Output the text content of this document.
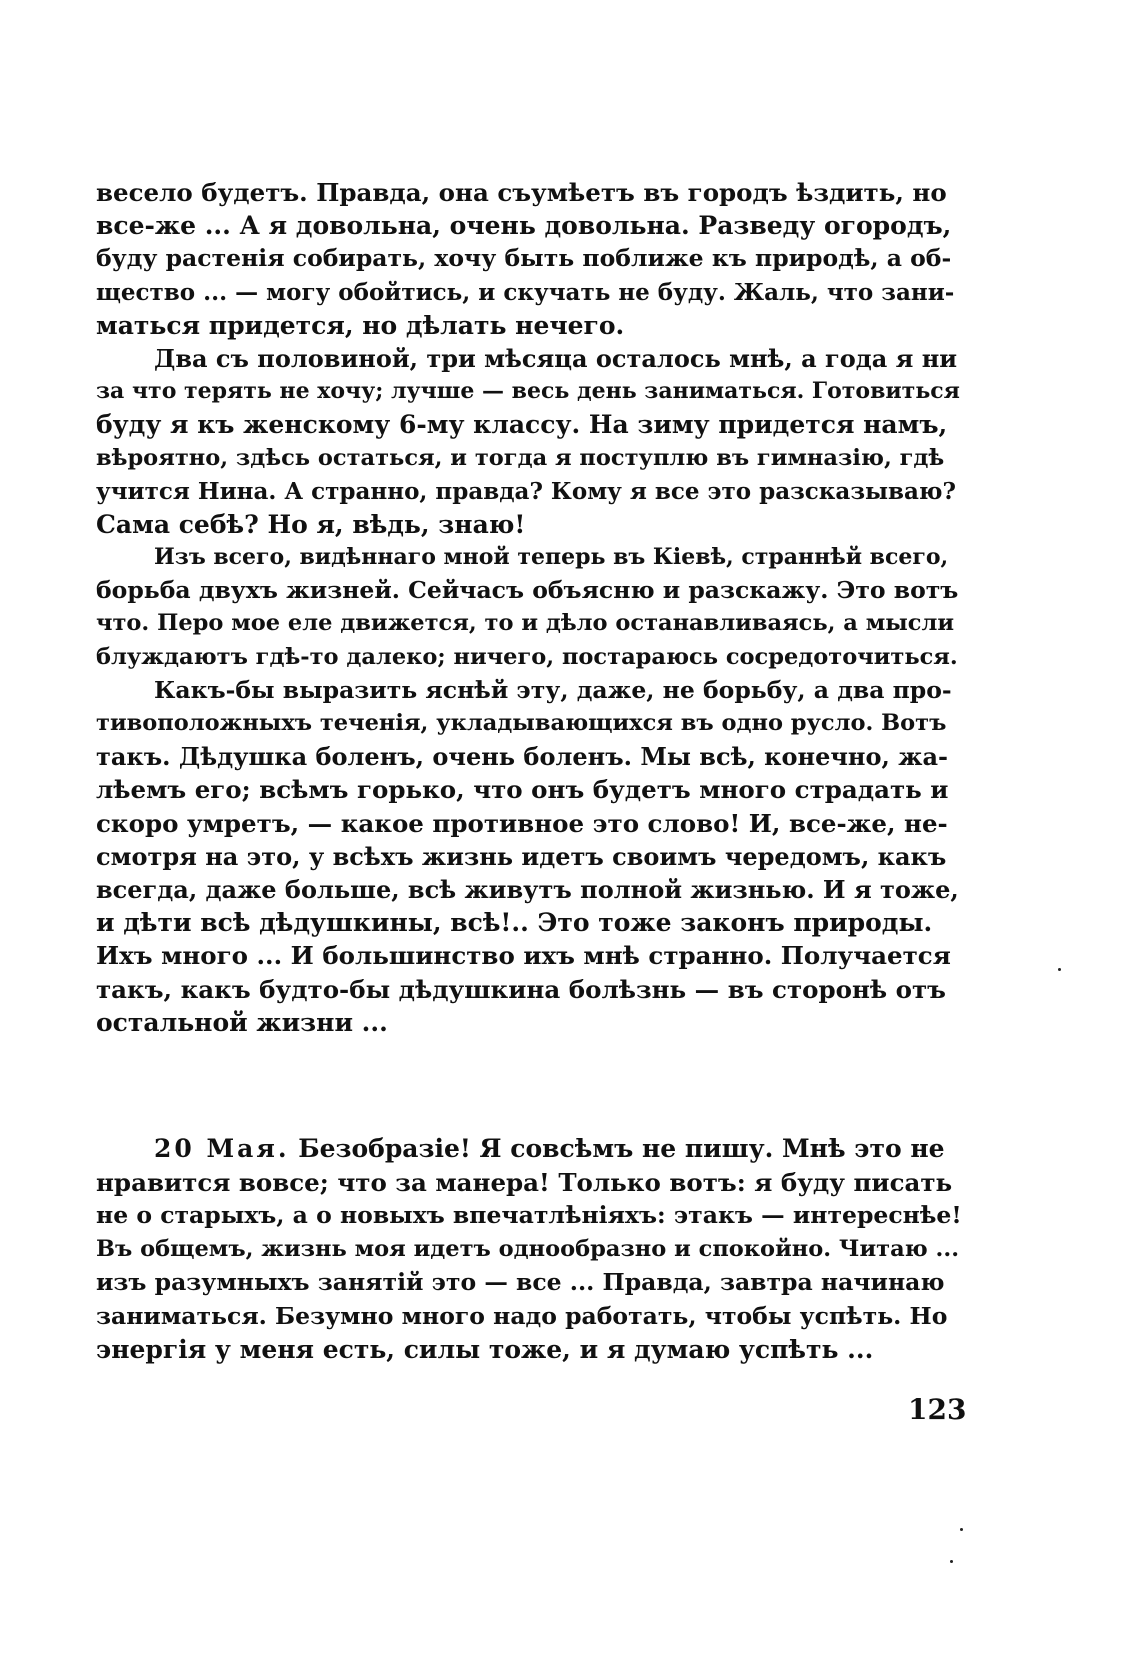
весело будетъ. Правда, она съумѣетъ въ городъ ѣздить, но
все-же ... А я довольна, очень довольна. Разведу огородъ,
буду растенія собирать, хочу быть поближе къ природѣ, а об-
щество ... — могу обойтись, и скучать не буду. Жаль, что зани-
маться придется, но дѣлать нечего.
Два съ половиной, три мѣсяца осталось мнѣ, а года я ни
за что терять не хочу; лучше — весь день заниматься. Готовиться
буду я къ женскому 6-му классу. На зиму придется намъ,
вѣроятно, здѣсь остаться, и тогда я поступлю въ гимназію, гдѣ
учится Нина. А странно, правда? Кому я все это разсказываю?
Сама себѣ? Но я, вѣдь, знаю!
Изъ всего, видѣннаго мной теперь въ Кіевѣ, страннѣй всего,
борьба двухъ жизней. Сейчасъ объясню и разскажу. Это вотъ
что. Перо мое еле движется, то и дѣло останавливаясь, а мысли
блуждаютъ гдѣ-то далеко; ничего, постараюсь сосредоточиться.
Какъ-бы выразить яснѣй эту, даже, не борьбу, а два про-
тивоположныхъ теченія, укладывающихся въ одно русло. Вотъ
такъ. Дѣдушка боленъ, очень боленъ. Мы всѣ, конечно, жа-
лѣемъ его; всѣмъ горько, что онъ будетъ много страдать и
скоро умретъ, — какое противное это слово! И, все-же, не-
смотря на это, у всѣхъ жизнь идетъ своимъ чередомъ, какъ
всегда, даже больше, всѣ живутъ полной жизнью. И я тоже,
и дѣти всѣ дѣдушкины, всѣ!.. Это тоже законъ природы.
Ихъ много ... И большинство ихъ мнѣ странно. Получается
такъ, какъ будто-бы дѣдушкина болѣзнь — въ сторонѣ отъ
остальной жизни ...
20 Мая. Безобразіе! Я совсѣмъ не пишу. Мнѣ это не
нравится вовсе; что за манера! Только вотъ: я буду писать
не о старыхъ, а о новыхъ впечатлѣніяхъ: этакъ — интереснѣе!
Въ общемъ, жизнь моя идетъ однообразно и спокойно. Читаю ...
изъ разумныхъ занятій это — все ... Правда, завтра начинаю
заниматься. Безумно много надо работать, чтобы успѣть. Но
энергія у меня есть, силы тоже, и я думаю успѣть ...
123
